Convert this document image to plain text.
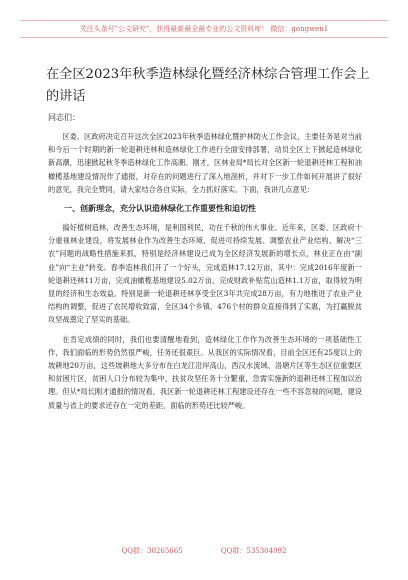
关注头条号"公文研究"，获得最新最全最专业的公文资料库！ 微信：gongwen1
在全区2023年秋季造林绿化暨经济林综合管理工作会上的讲话
同志们：

区委、区政府决定召开这次全区2023年秋季造林绿化暨护林防火工作会议，主要任务是对当前和今后一个时期的新一轮退耕还林和造林绿化工作进行全面安排部署，动员全区上下掀起造林绿化新高潮，迅速掀起秋冬季造林绿化工作高潮。刚才，区林业局*局长对全区新一轮退耕还林工程和油橄榄基地建设情况作了通报，对存在的问题进行了深入地剖析，并对下一步工作如何开展讲了很好的意见，我完全赞同，请大家结合各自实际，全力抓好落实。下面，我讲几点意见：

一、创新理念，充分认识造林绿化工作重要性和迫切性

搞好植树造林，改善生态环境，是利国利民，功在千秋的伟大事业。近年来，区委、区政府十分重视林业建设，将发展林业作为改善生态环境、促进可持续发展、调整农业产业结构、解决“三农”问题的战略性措施来抓，特别是经济林建设已成为全区经济发展新的增长点，林业正在由“副业”向“主业”转变。春季造林我们开了一个好头，完成造林17.12万亩，其中：完成2016年度新一轮退耕还林11万亩，完成油橄榄基地建设5.02万亩、完成财政补贴荒山造林1.1万亩，取得较为明显的经济和生态效益。特别是新一轮退耕还林享受全区3年共完成28万亩，有力地推进了农业产业结构的调整，促进了农民增收致富，全区34个乡镇、476个村的群众直接得到了实惠，为打赢脱贫攻坚战奠定了坚实的基础。

在肯定成绩的同时，我们也要清醒地看到，造林绿化工作作为改善生态环境的一项基础性工作，我们面临的形势仍然很严峻，任务还很艰巨。从我区的实际情况看，目前全区还有25度以上的坡耕地20万亩，这些坡耕地大多分布在白龙江沿岸高山，西汉水流域、洛塘片区等生态区位重要区和贫困片区，贫困人口分布较为集中，扶贫攻坚任务十分繁重，急需实施新的退耕还林工程加以治理。但从*局长刚才通报的情况看，我区新一轮退耕还林工程建设还存在一些不容忽视的问题，建设质量与省上的要求还存在一定的差距，面临的形势还比较严峻。

QQ群：30265665	QQ群：535304092
